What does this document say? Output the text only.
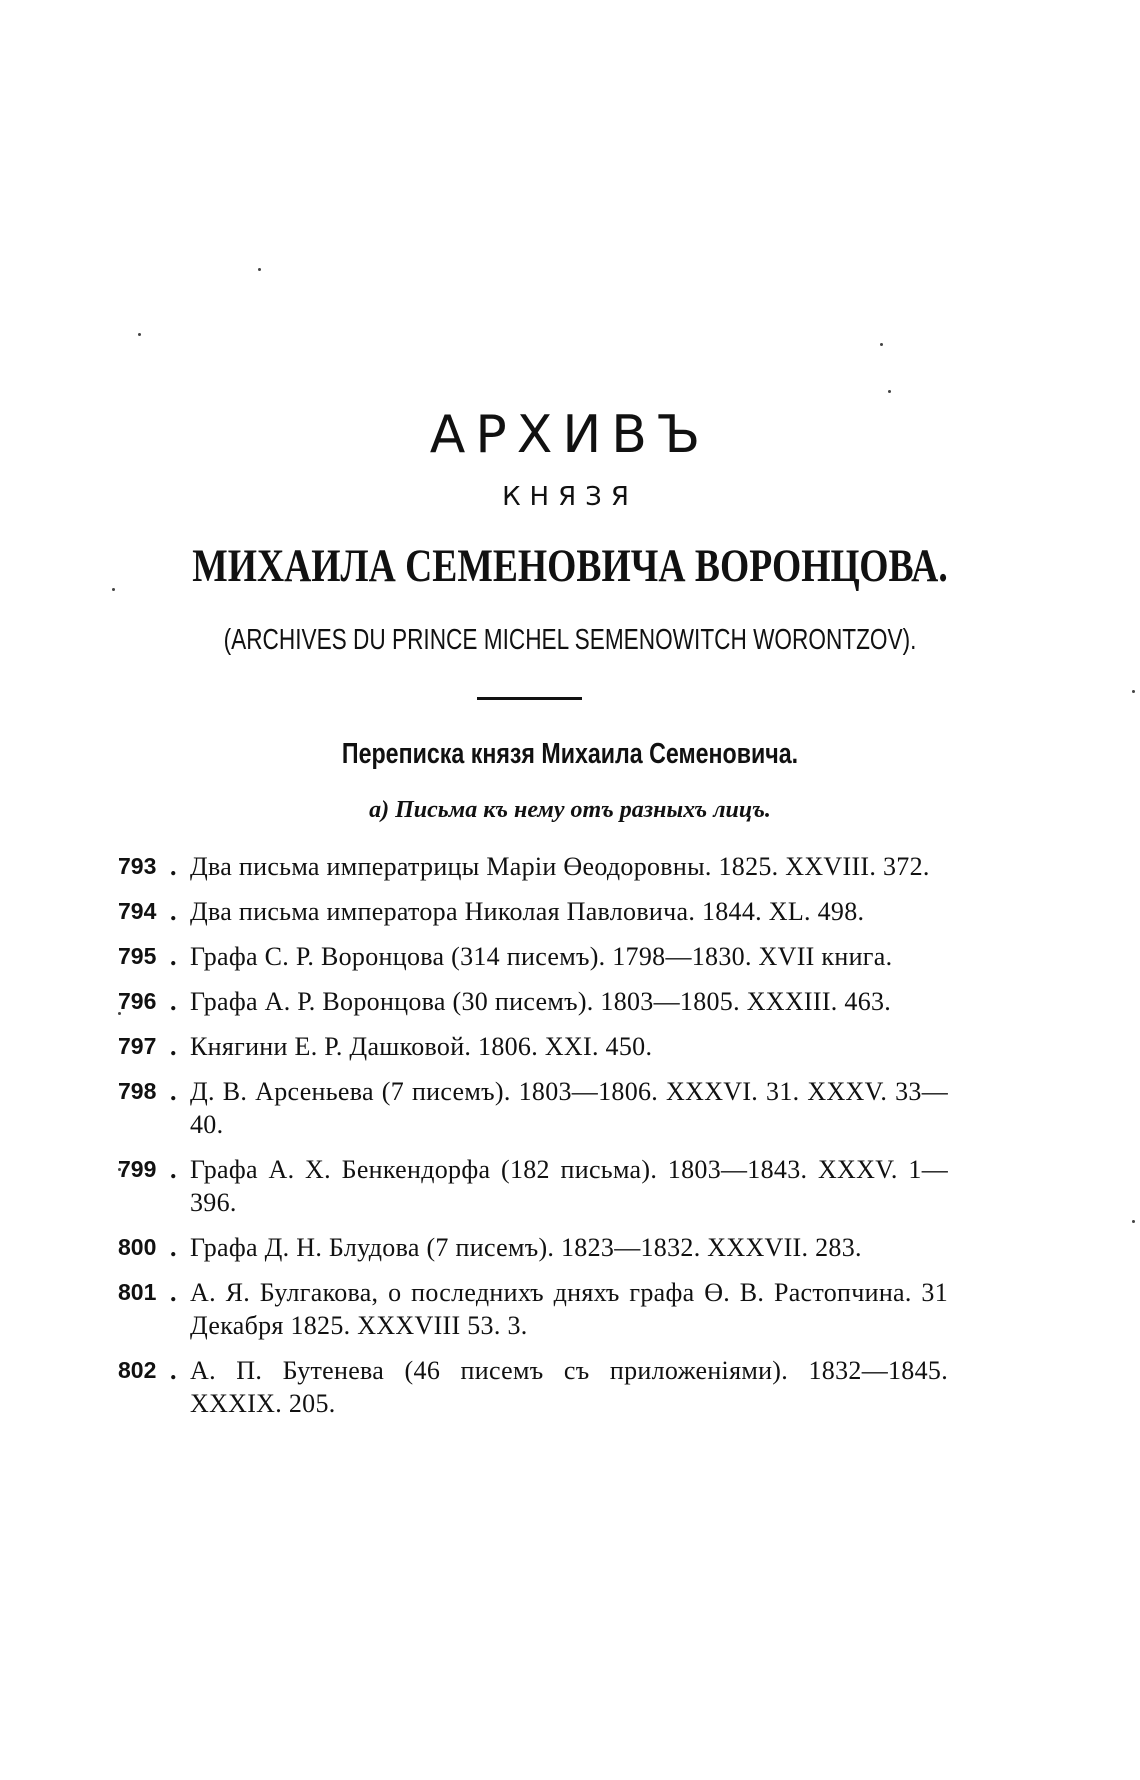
АРХИВЪ
КНЯЗЯ
МИХАИЛА СЕМЕНОВИЧА ВОРОНЦОВА.
(ARCHIVES DU PRINCE MICHEL SEMENOWITCH WORONTZOV).
Переписка князя Михаила Семеновича.
а) Письма къ нему отъ разныхъ лицъ.
793 . Два письма императрицы Маріи Өеодоровны. 1825. XXVIII. 372.
794 . Два письма императора Николая Павловича. 1844. XL. 498.
795 . Графа С. Р. Воронцова (314 писемъ). 1798—1830. XVII книга.
796 . Графа А. Р. Воронцова (30 писемъ). 1803—1805. XXXIII. 463.
797 . Княгини Е. Р. Дашковой. 1806. XXI. 450.
798 . Д. В. Арсеньева (7 писемъ). 1803—1806. XXXVI. 31. XXXV. 33—40.
799 . Графа А. Х. Бенкендорфа (182 письма). 1803—1843. XXXV. 1—396.
800 . Графа Д. Н. Блудова (7 писемъ). 1823—1832. XXXVII. 283.
801 . А. Я. Булгакова, о последнихъ дняхъ графа Ө. В. Растопчина. 31 Декабря 1825. XXXVIII 53. 3.
802 . А. П. Бутенева (46 писемъ съ приложеніями). 1832—1845. XXXIX. 205.
